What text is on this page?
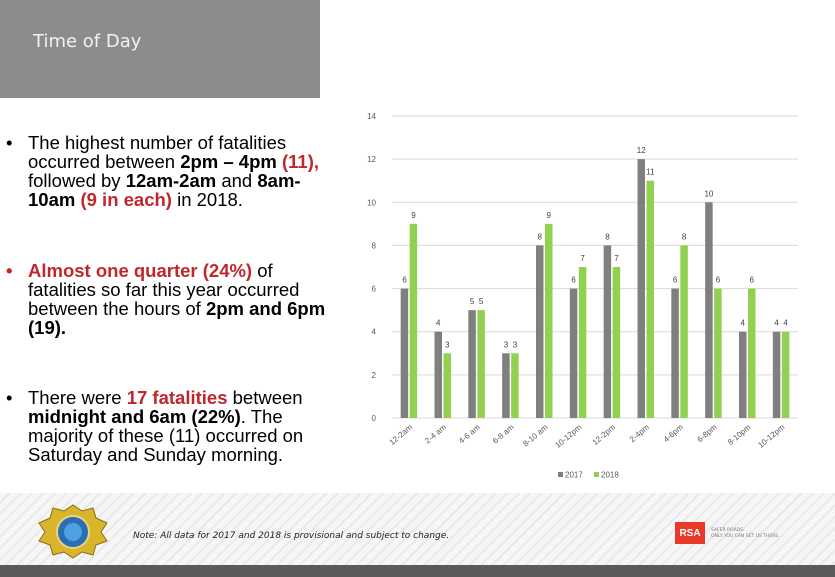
Time of Day
• The highest number of fatalities occurred between 2pm – 4pm (11), followed by 12am-2am and 8am-10am (9 in each) in 2018.
• Almost one quarter (24%) of fatalities so far this year occurred between the hours of 2pm and 6pm (19).
• There were 17 fatalities between midnight and 6am (22%). The majority of these (11) occurred on Saturday and Sunday morning.
0
2
4
6
8
10
12
14
6
9
4
3
5 5
3 3
8
9
6
7
8
7
12
11
6
8
10
6
4
6
4 4
12-2am 2-4 am 4-6 am 6-8 am 8-10 am 10-12pm 12-2pm 2-4pm 4-6pm 6-8pm 8-10pm 10-12pm
2017 2018
Note: All data for 2017 and 2018 is provisional and subject to change.	RSA	SAFER ROADS.
ONLY YOU CAN SET US THERE.
